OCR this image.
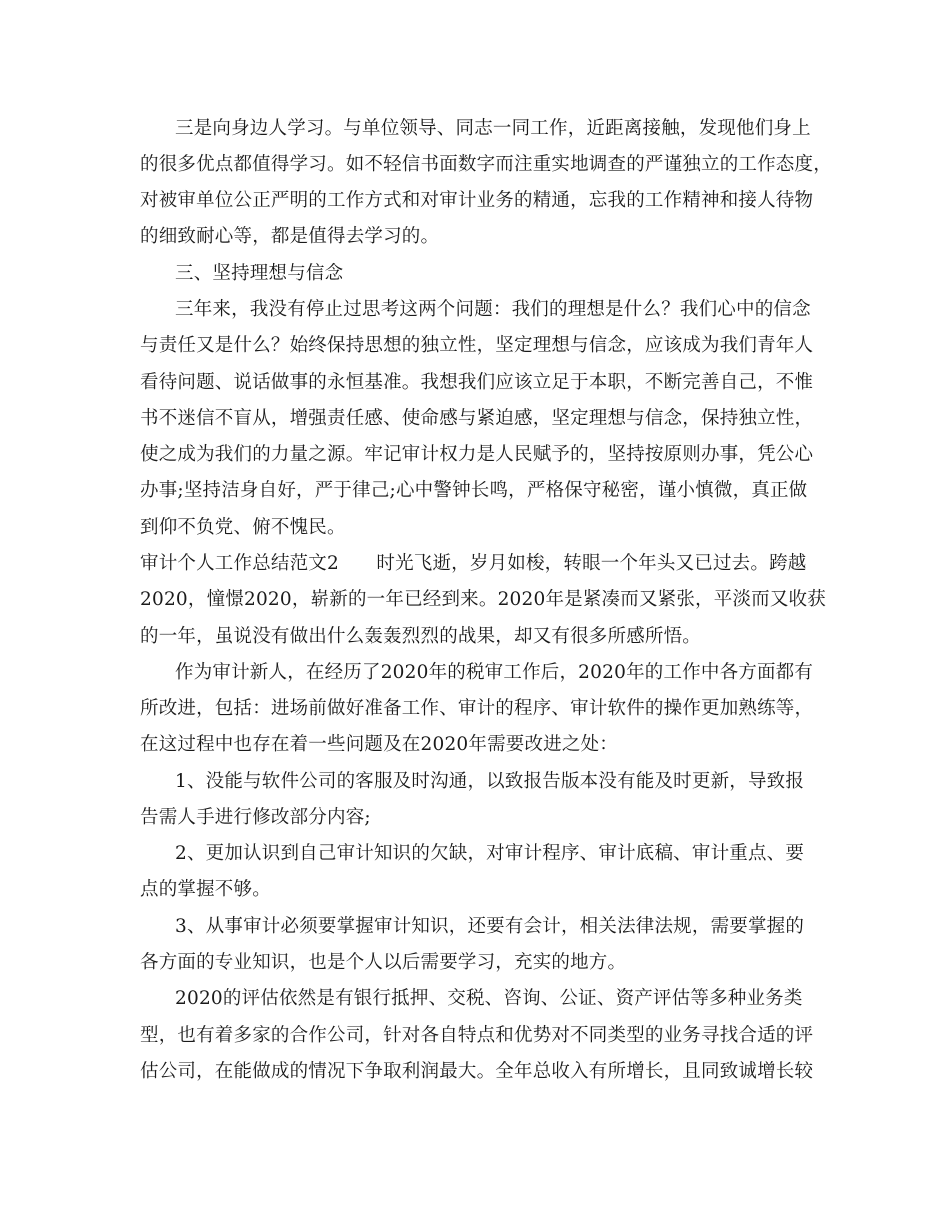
三是向身边人学习。与单位领导、同志一同工作，近距离接触，发现他们身上
的很多优点都值得学习。如不轻信书面数字而注重实地调查的严谨独立的工作态度，
对被审单位公正严明的工作方式和对审计业务的精通，忘我的工作精神和接人待物
的细致耐心等，都是值得去学习的。
三、坚持理想与信念
三年来，我没有停止过思考这两个问题：我们的理想是什么？我们心中的信念
与责任又是什么？始终保持思想的独立性，坚定理想与信念，应该成为我们青年人
看待问题、说话做事的永恒基准。我想我们应该立足于本职，不断完善自己，不惟
书不迷信不盲从，增强责任感、使命感与紧迫感，坚定理想与信念，保持独立性，
使之成为我们的力量之源。牢记审计权力是人民赋予的，坚持按原则办事，凭公心
办事;坚持洁身自好，严于律己;心中警钟长鸣，严格保守秘密，谨小慎微，真正做
到仰不负党、俯不愧民。
审计个人工作总结范文2　　时光飞逝，岁月如梭，转眼一个年头又已过去。跨越
2020，憧憬2020，崭新的一年已经到来。2020年是紧凑而又紧张，平淡而又收获
的一年，虽说没有做出什么轰轰烈烈的战果，却又有很多所感所悟。
作为审计新人，在经历了2020年的税审工作后，2020年的工作中各方面都有
所改进，包括：进场前做好准备工作、审计的程序、审计软件的操作更加熟练等，
在这过程中也存在着一些问题及在2020年需要改进之处：
1、没能与软件公司的客服及时沟通，以致报告版本没有能及时更新，导致报
告需人手进行修改部分内容;
2、更加认识到自己审计知识的欠缺，对审计程序、审计底稿、审计重点、要
点的掌握不够。
3、从事审计必须要掌握审计知识，还要有会计，相关法律法规，需要掌握的
各方面的专业知识，也是个人以后需要学习，充实的地方。
2020的评估依然是有银行抵押、交税、咨询、公证、资产评估等多种业务类
型，也有着多家的合作公司，针对各自特点和优势对不同类型的业务寻找合适的评
估公司，在能做成的情况下争取利润最大。全年总收入有所增长，且同致诚增长较
